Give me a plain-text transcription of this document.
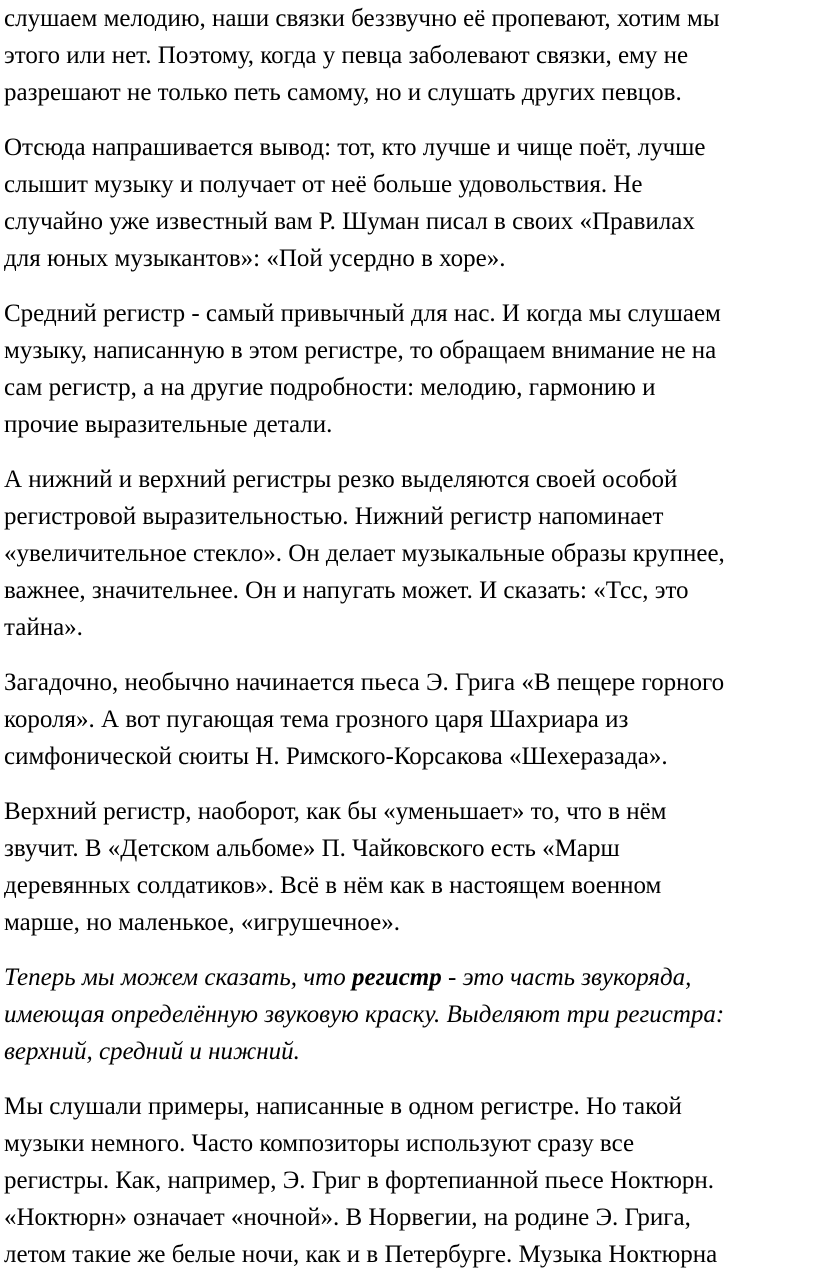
слушаем мелодию, наши связки беззвучно её пропевают, хотим мы
этого или нет. Поэтому, когда у певца заболевают связки, ему не
разрешают не только петь самому, но и слушать других певцов.
Отсюда напрашивается вывод: тот, кто лучше и чище поёт, лучше
слышит музыку и получает от неё больше удовольствия. Не
случайно уже известный вам Р. Шуман писал в своих «Правилах
для юных музыкантов»: «Пой усердно в хоре».
Средний регистр - самый привычный для нас. И когда мы слушаем
музыку, написанную в этом регистре, то обращаем внимание не на
сам регистр, а на другие подробности: мелодию, гармонию и
прочие выразительные детали.
А нижний и верхний регистры резко выделяются своей особой
регистровой выразительностью. Нижний регистр напоминает
«увеличительное стекло». Он делает музыкальные образы крупнее,
важнее, значительнее. Он и напугать может. И сказать: «Тсс, это
тайна».
Загадочно, необычно начинается пьеса Э. Грига «В пещере горного
короля». А вот пугающая тема грозного царя Шахриара из
симфонической сюиты Н. Римского-Корсакова «Шехеразада».
Верхний регистр, наоборот, как бы «уменьшает» то, что в нём
звучит. В «Детском альбоме» П. Чайковского есть «Марш
деревянных солдатиков». Всё в нём как в настоящем военном
марше, но маленькое, «игрушечное».
Теперь мы можем сказать, что регистр - это часть звукоряда,
имеющая определённую звуковую краску. Выделяют три регистра:
верхний, средний и нижний.
Мы слушали примеры, написанные в одном регистре. Но такой
музыки немного. Часто композиторы используют сразу все
регистры. Как, например, Э. Григ в фортепианной пьесе Ноктюрн.
«Ноктюрн» означает «ночной». В Норвегии, на родине Э. Грига,
летом такие же белые ночи, как и в Петербурге. Музыка Ноктюрна
